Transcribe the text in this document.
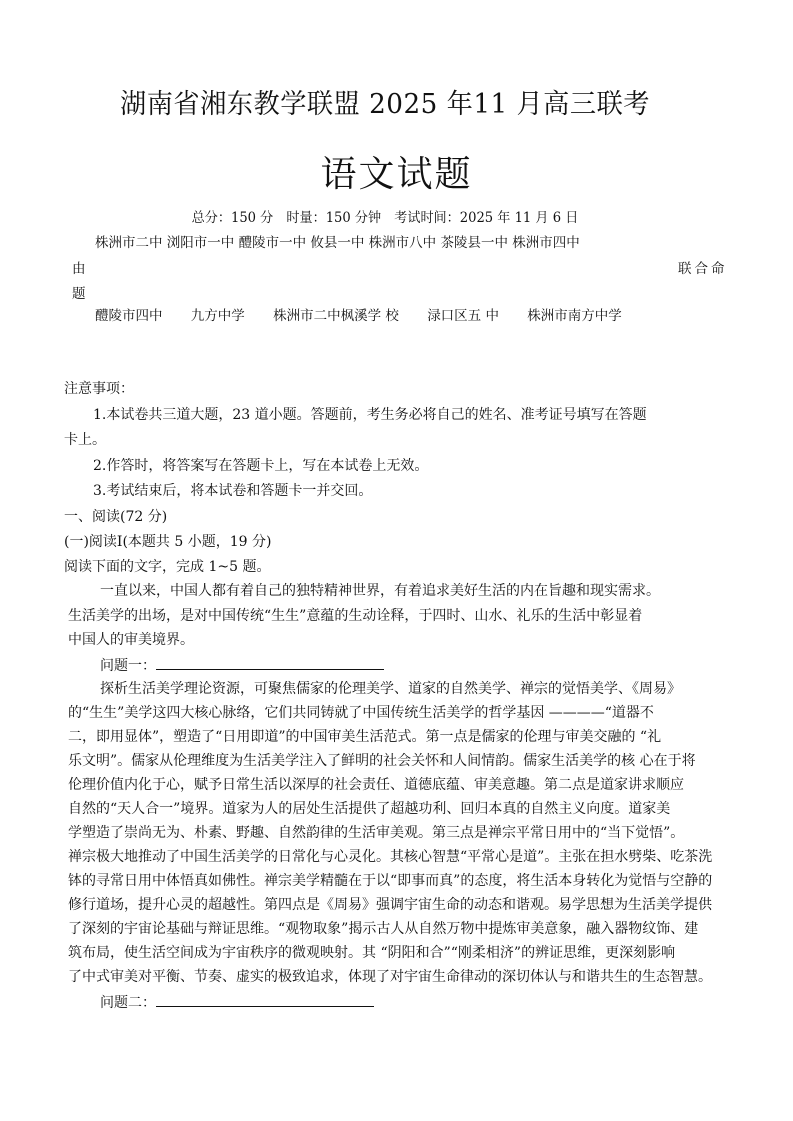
湖南省湘东教学联盟 2025 年11 月高三联考
语文试题
总分：150 分　时量：150 分钟　考试时间：2025 年 11 月 6 日
株洲市二中 浏阳市一中 醴陵市一中 攸县一中 株洲市八中 茶陵县一中 株洲市四中
由
题
联合命
醴陵市四中 九方中学 株洲市二中枫溪学 校 渌口区五 中 株洲市南方中学
注意事项：
1.本试卷共三道大题，23 道小题。答题前，考生务必将自己的姓名、准考证号填写在答题
卡上。
2.作答时，将答案写在答题卡上，写在本试卷上无效。
3.考试结束后，将本试卷和答题卡一并交回。
一、阅读(72 分)
(一)阅读Ⅰ(本题共 5 小题，19 分)
阅读下面的文字，完成 1~5 题。
一直以来，中国人都有着自己的独特精神世界，有着追求美好生活的内在旨趣和现实需求。
生活美学的出场，是对中国传统“生生”意蕴的生动诠释，于四时、山水、礼乐的生活中彰显着
中国人的审美境界。
问题一：
探析生活美学理论资源，可聚焦儒家的伦理美学、道家的自然美学、禅宗的觉悟美学、《周易》
的“生生”美学这四大核心脉络，它们共同铸就了中国传统生活美学的哲学基因 ————“道器不
二，即用显体”，塑造了“日用即道”的中国审美生活范式。第一点是儒家的伦理与审美交融的 “礼
乐文明”。儒家从伦理维度为生活美学注入了鲜明的社会关怀和人间情韵。儒家生活美学的核 心在于将
伦理价值内化于心，赋予日常生活以深厚的社会责任、道德底蕴、审美意趣。第二点是道家讲求顺应
自然的“天人合一”境界。道家为人的居处生活提供了超越功利、回归本真的自然主义向度。道家美
学塑造了崇尚无为、朴素、野趣、自然韵律的生活审美观。第三点是禅宗平常日用中的“当下觉悟”。
禅宗极大地推动了中国生活美学的日常化与心灵化。其核心智慧“平常心是道”。主张在担水劈柴、吃茶洗
钵的寻常日用中体悟真如佛性。禅宗美学精髓在于以“即事而真”的态度，将生活本身转化为觉悟与空静的
修行道场，提升心灵的超越性。第四点是《周易》强调宇宙生命的动态和谐观。易学思想为生活美学提供
了深刻的宇宙论基础与辩证思维。“观物取象”揭示古人从自然万物中提炼审美意象，融入器物纹饰、建
筑布局，使生活空间成为宇宙秩序的微观映射。其 “阴阳和合”“刚柔相济”的辨证思维，更深刻影响
了中式审美对平衡、节奏、虚实的极致追求，体现了对宇宙生命律动的深切体认与和谐共生的生态智慧。
问题二：
